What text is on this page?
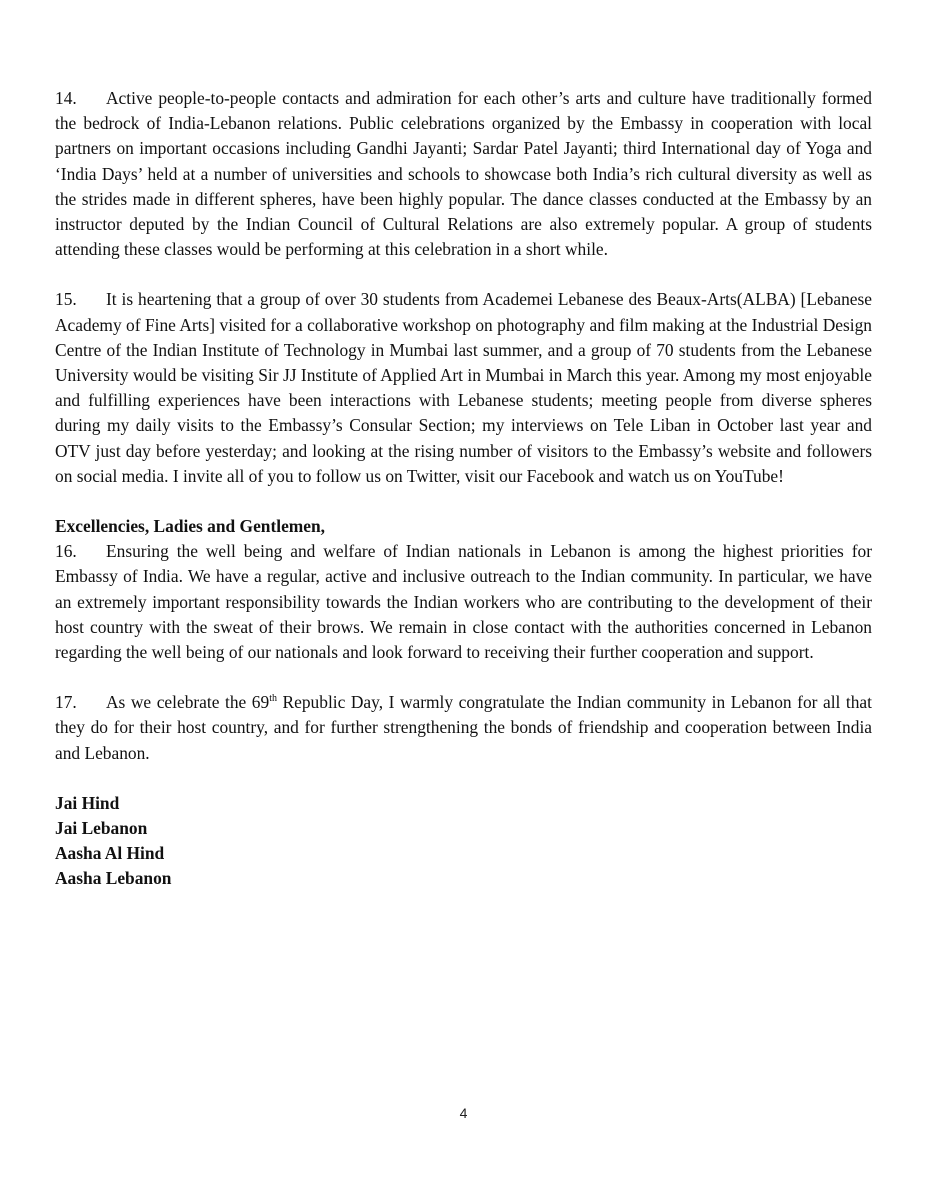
14. Active people-to-people contacts and admiration for each other’s arts and culture have traditionally formed the bedrock of India-Lebanon relations. Public celebrations organized by the Embassy in cooperation with local partners on important occasions including Gandhi Jayanti; Sardar Patel Jayanti; third International day of Yoga and ‘India Days’ held at a number of universities and schools to showcase both India’s rich cultural diversity as well as the strides made in different spheres, have been highly popular. The dance classes conducted at the Embassy by an instructor deputed by the Indian Council of Cultural Relations are also extremely popular. A group of students attending these classes would be performing at this celebration in a short while.

15. It is heartening that a group of over 30 students from Academei Lebanese des Beaux-Arts(ALBA) [Lebanese Academy of Fine Arts] visited for a collaborative workshop on photography and film making at the Industrial Design Centre of the Indian Institute of Technology in Mumbai last summer, and a group of 70 students from the Lebanese University would be visiting Sir JJ Institute of Applied Art in Mumbai in March this year. Among my most enjoyable and fulfilling experiences have been interactions with Lebanese students; meeting people from diverse spheres during my daily visits to the Embassy’s Consular Section; my interviews on Tele Liban in October last year and OTV just day before yesterday; and looking at the rising number of visitors to the Embassy’s website and followers on social media. I invite all of you to follow us on Twitter, visit our Facebook and watch us on YouTube!

Excellencies, Ladies and Gentlemen,

16. Ensuring the well being and welfare of Indian nationals in Lebanon is among the highest priorities for Embassy of India. We have a regular, active and inclusive outreach to the Indian community. In particular, we have an extremely important responsibility towards the Indian workers who are contributing to the development of their host country with the sweat of their brows. We remain in close contact with the authorities concerned in Lebanon regarding the well being of our nationals and look forward to receiving their further cooperation and support.

17. As we celebrate the 69th Republic Day, I warmly congratulate the Indian community in Lebanon for all that they do for their host country, and for further strengthening the bonds of friendship and cooperation between India and Lebanon.

Jai Hind
Jai Lebanon
Aasha Al Hind
Aasha Lebanon
4
